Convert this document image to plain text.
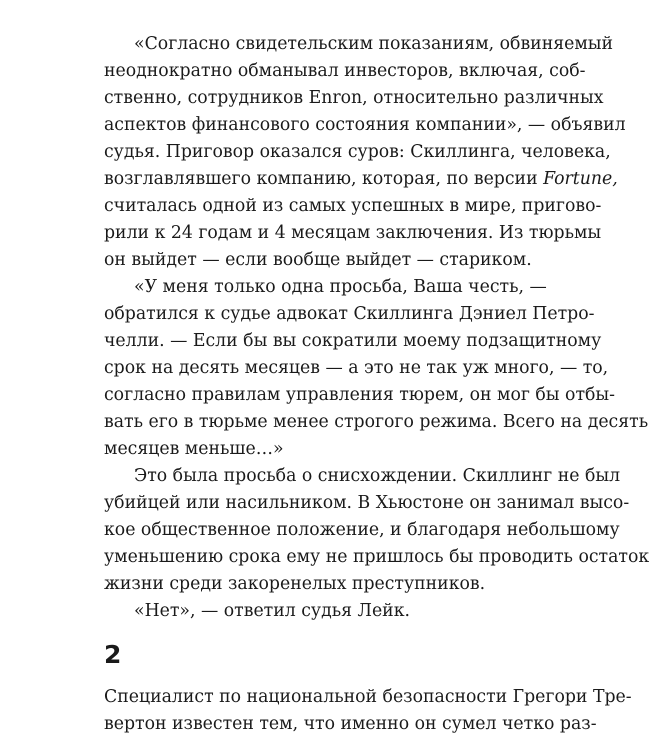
«Согласно свидетельским показаниям, обвиняемый
неоднократно обманывал инвесторов, включая, соб-
ственно, сотрудников Enron, относительно различных
аспектов финансового состояния компании», — объявил
судья. Приговор оказался суров: Скиллинга, человека,
возглавлявшего компанию, которая, по версии Fortune,
считалась одной из самых успешных в мире, пригово-
рили к 24 годам и 4 месяцам заключения. Из тюрьмы
он выйдет — если вообще выйдет — стариком.
«У меня только одна просьба, Ваша честь, —
обратился к судье адвокат Скиллинга Дэниел Петро-
челли. — Если бы вы сократили моему подзащитному
срок на десять месяцев — а это не так уж много, — то,
согласно правилам управления тюрем, он мог бы отбы-
вать его в тюрьме менее строгого режима. Всего на десять
месяцев меньше…»
Это была просьба о снисхождении. Скиллинг не был
убийцей или насильником. В Хьюстоне он занимал высо-
кое общественное положение, и благодаря небольшому
уменьшению срока ему не пришлось бы проводить остаток
жизни среди закоренелых преступников.
«Нет», — ответил судья Лейк.
2
Специалист по национальной безопасности Грегори Тре-
вертон известен тем, что именно он сумел четко раз-
